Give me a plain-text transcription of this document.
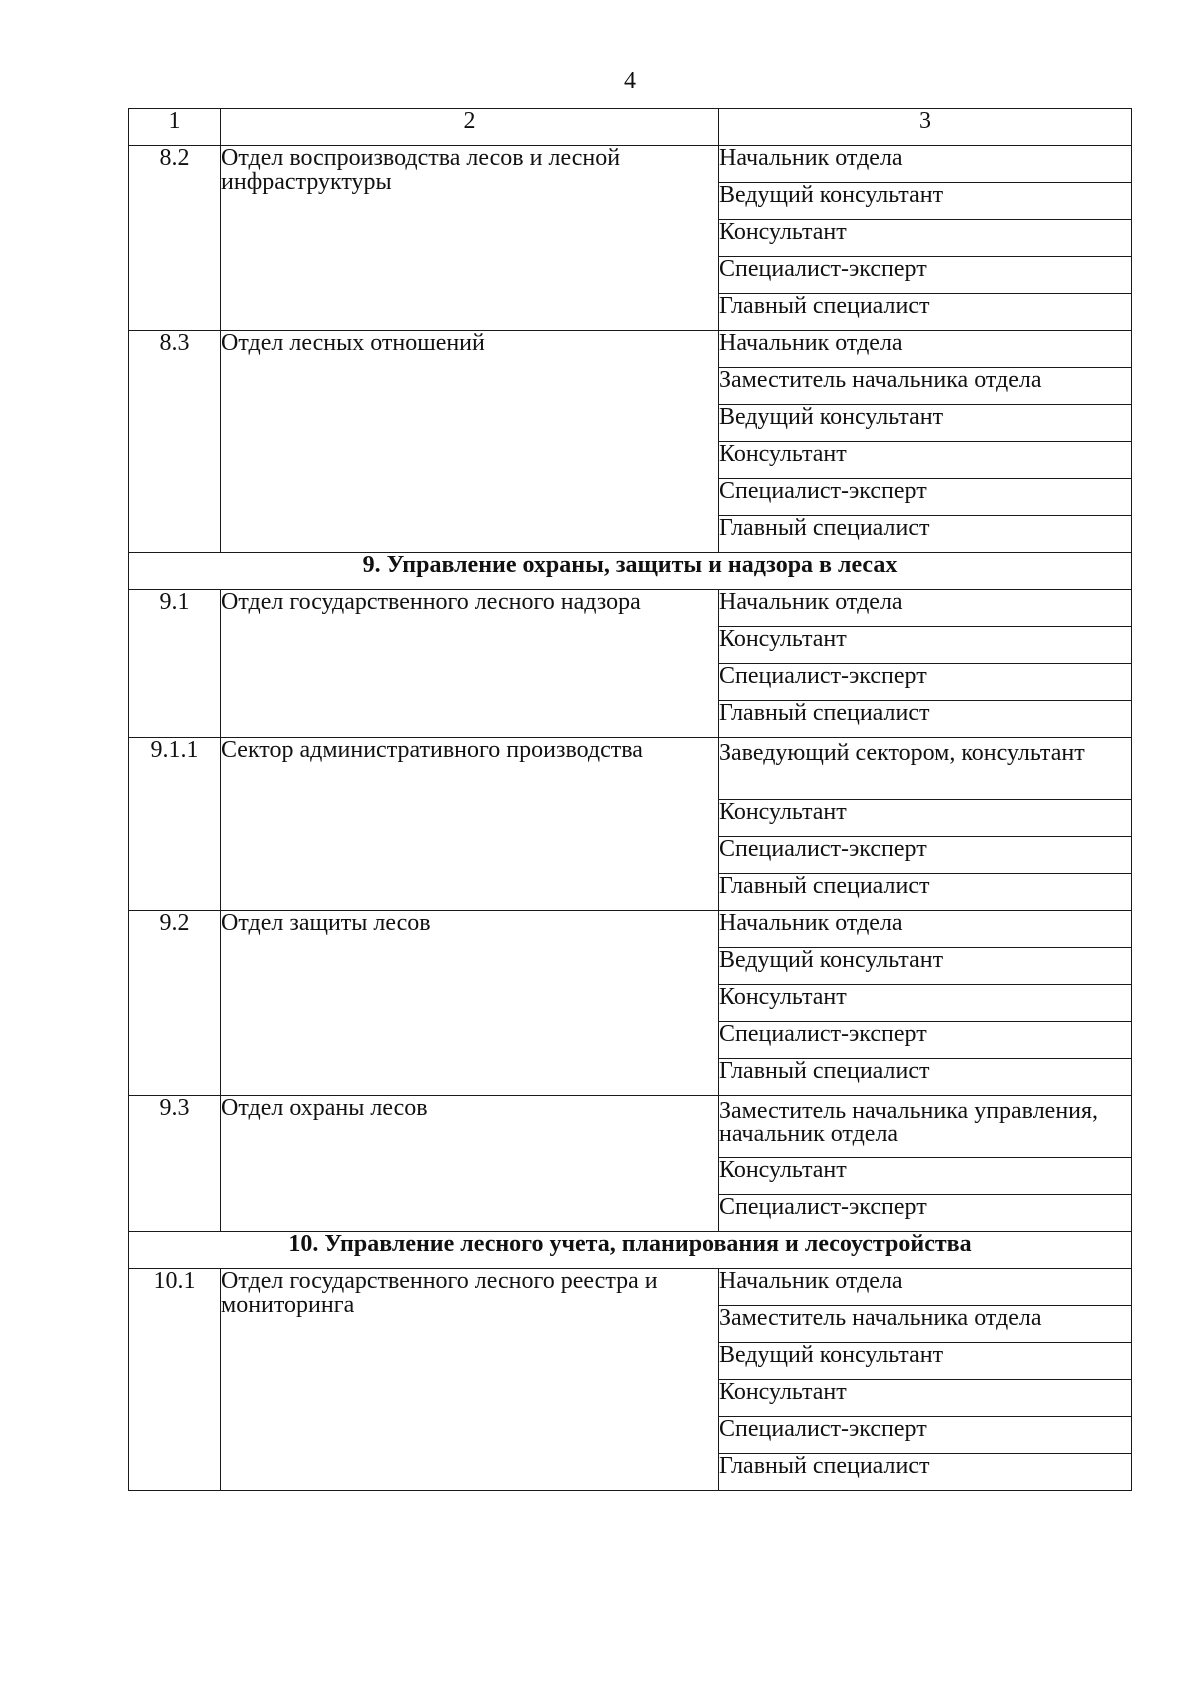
4
1	2	3
8.2	Отдел воспроизводства лесов и лесной инфраструктуры	Начальник отдела
		Ведущий консультант
		Консультант
		Специалист-эксперт
		Главный специалист
8.3	Отдел лесных отношений	Начальник отдела
		Заместитель начальника отдела
		Ведущий консультант
		Консультант
		Специалист-эксперт
		Главный специалист
9. Управление охраны, защиты и надзора в лесах		
9.1	Отдел государственного лесного надзора	Начальник отдела
		Консультант
		Специалист-эксперт
		Главный специалист
9.1.1	Сектор административного производства	Заведующий сектором, консультант
		Консультант
		Специалист-эксперт
		Главный специалист
9.2	Отдел защиты лесов	Начальник отдела
		Ведущий консультант
		Консультант
		Специалист-эксперт
		Главный специалист
9.3	Отдел охраны лесов	Заместитель начальника управления, начальник отдела
		Консультант
		Специалист-эксперт
10. Управление лесного учета, планирования и лесоустройства		
10.1	Отдел государственного лесного реестра и мониторинга	Начальник отдела
		Заместитель начальника отдела
		Ведущий консультант
		Консультант
		Специалист-эксперт
		Главный специалист
